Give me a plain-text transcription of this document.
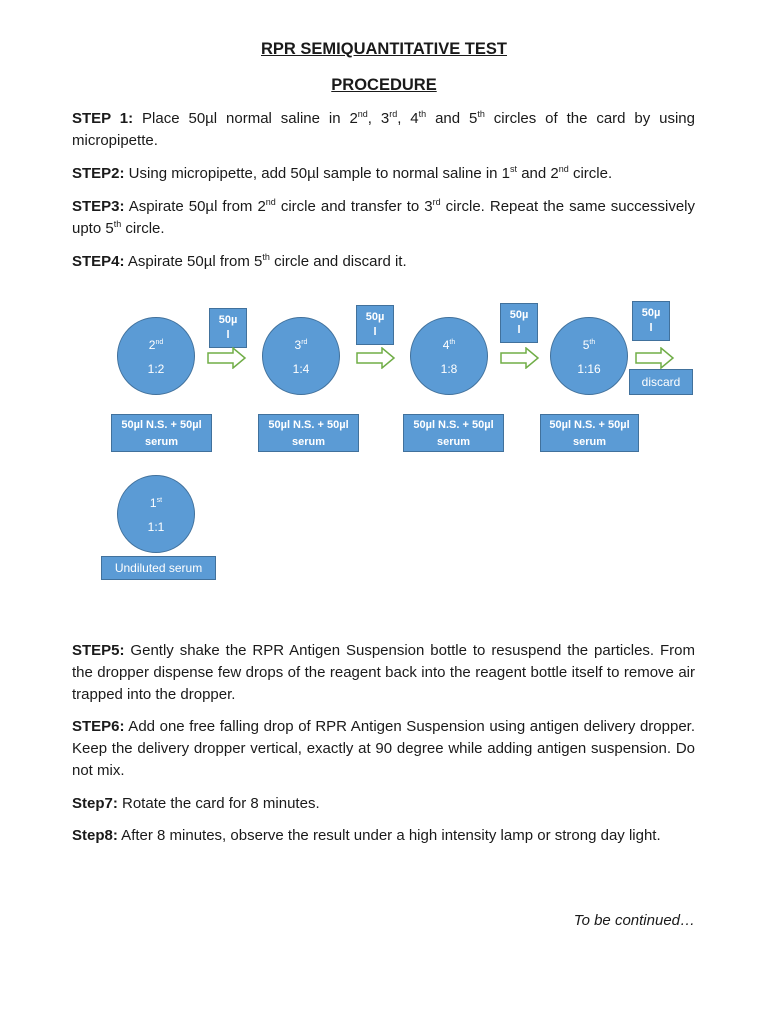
RPR SEMIQUANTITATIVE TEST
PROCEDURE

STEP 1: Place 50µl normal saline in 2nd, 3rd, 4th and 5th circles of the card by using micropipette.

STEP2: Using micropipette, add 50µl sample to normal saline in 1st and 2nd circle.

STEP3: Aspirate 50µl from 2nd circle and transfer to 3rd circle. Repeat the same successively upto 5th circle.

STEP4: Aspirate 50µl from 5th circle and discard it.

2nd
1:2
3rd
1:4
4th
1:8
5th
1:16
1st
1:1
50µ
l
50µ
l
50µ
l
50µ
l
discard
50µl N.S. + 50µl serum
50µl N.S. + 50µl serum
50µl N.S. + 50µl serum
50µl N.S. + 50µl serum
Undiluted serum

STEP5: Gently shake the RPR Antigen Suspension bottle to resuspend the particles. From the dropper dispense few drops of the reagent back into the reagent bottle itself to remove air trapped into the dropper.

STEP6: Add one free falling drop of RPR Antigen Suspension using antigen delivery dropper. Keep the delivery dropper vertical, exactly at 90 degree while adding antigen suspension. Do not mix.

Step7: Rotate the card for 8 minutes.

Step8: After 8 minutes, observe the result under a high intensity lamp or strong day light.

To be continued…
